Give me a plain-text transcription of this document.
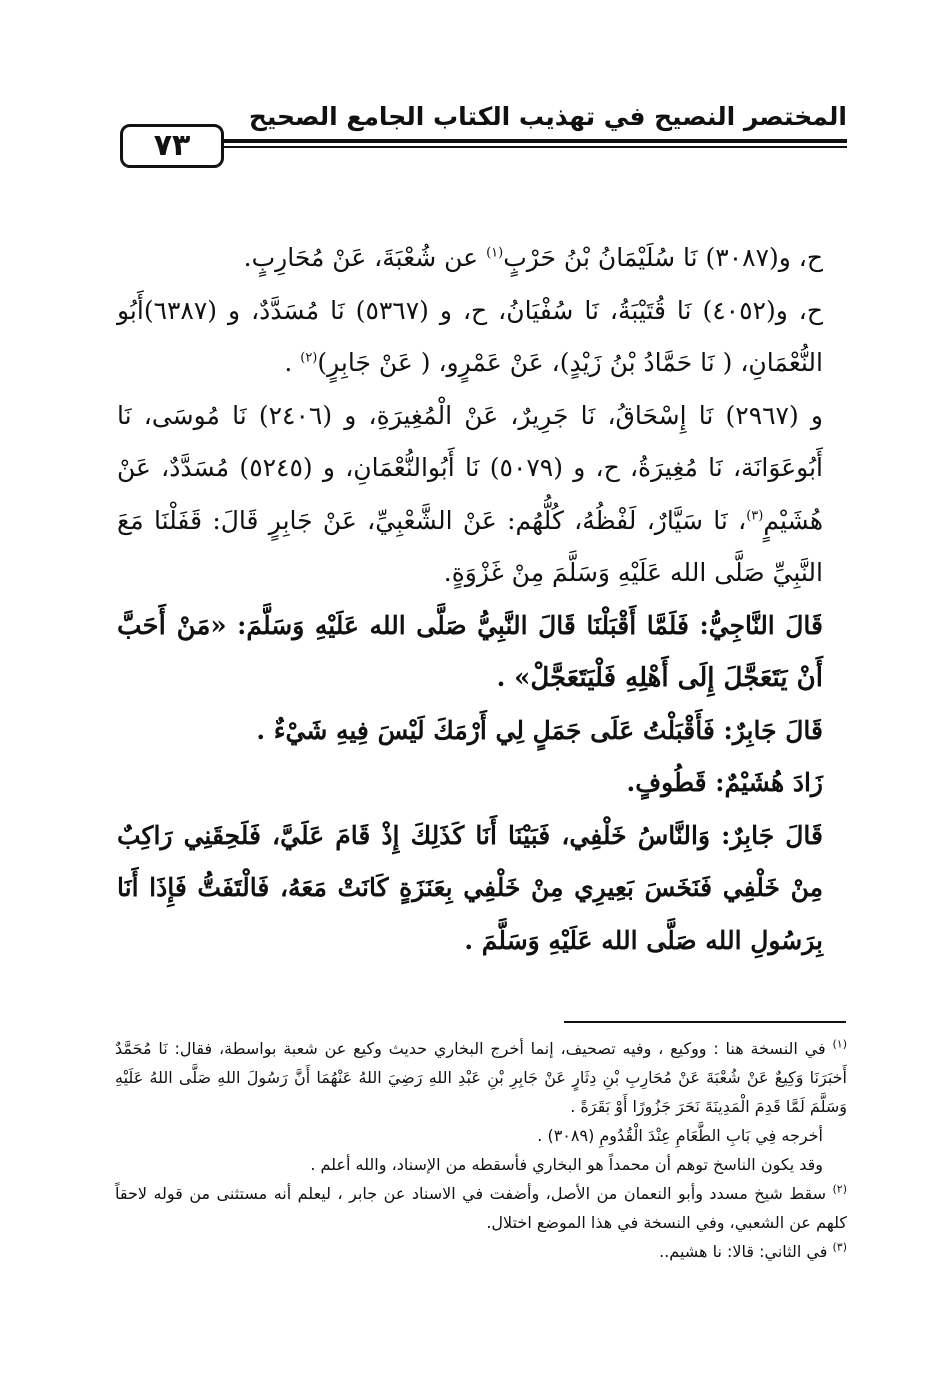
المختصر النصيح في تهذيب الكتاب الجامع الصحيح
٧٣

ح، و(٣٠٨٧) نَا سُلَيْمَانُ بْنُ حَرْبٍ$^{(١)}$ عن شُعْبَةَ، عَنْ مُحَارِبٍ.

ح، و(٤٠٥٢) نَا قُتَيْبَةُ، نَا سُفْيَانُ، ح، و (٥٣٦٧) نَا مُسَدَّدٌ، و (٦٣٨٧)أَبُو النُّعْمَانِ، ( نَا حَمَّادُ بْنُ زَيْدٍ)، عَنْ عَمْرٍو، ( عَنْ جَابِرٍ)$^{(٢)}$ .

و (٢٩٦٧) نَا إِسْحَاقُ، نَا جَرِيرٌ، عَنْ الْمُغِيرَةِ، و (٢٤٠٦) نَا مُوسَى، نَا أَبُوعَوَانَة، نَا مُغِيرَةُ، ح، و (٥٠٧٩) نَا أَبُوالنُّعْمَانِ، و (٥٢٤٥) مُسَدَّدٌ، عَنْ هُشَيْمٍ$^{(٣)}$، نَا سَيَّارٌ، لَفْظُهُ، كُلُّهُم: عَنْ الشَّعْبِيِّ، عَنْ جَابِرٍ قَالَ: قَفَلْنَا مَعَ النَّبِيِّ صَلَّى الله عَلَيْهِ وَسَلَّمَ مِنْ غَزْوَةٍ.

قَالَ النَّاجِيُّ: فَلَمَّا أَقْبَلْنَا قَالَ النَّبِيُّ صَلَّى الله عَلَيْهِ وَسَلَّمَ: «مَنْ أَحَبَّ أَنْ يَتَعَجَّلَ إِلَى أَهْلِهِ فَلْيَتَعَجَّلْ» .

قَالَ جَابِرٌ: فَأَقْبَلْتُ عَلَى جَمَلٍ لِي أَرْمَكَ لَيْسَ فِيهِ شَيْءٌ .

زَادَ هُشَيْمٌ: قَطُوفٍ.

قَالَ جَابِرٌ: وَالنَّاسُ خَلْفِي، فَبَيْنَا أَنَا كَذَلِكَ إِذْ قَامَ عَلَيَّ، فَلَحِقَنِي رَاكِبٌ مِنْ خَلْفِي فَنَخَسَ بَعِيرِي مِنْ خَلْفِي بِعَنَزَةٍ كَانَتْ مَعَهُ، فَالْتَفَتُّ فَإِذَا أَنَا بِرَسُولِ الله صَلَّى الله عَلَيْهِ وَسَلَّمَ .

$^{(١)}$ في النسخة هنا : ووكيع ، وفيه تصحيف، إنما أخرج البخاري حديث وكيع عن شعبة بواسطة، فقال: نَا مُحَمَّدٌ أَخبَرَنَا وَكِيعٌ عَنْ شُعْبَةَ عَنْ مُحَارِبِ بْنِ دِثَارٍ عَنْ جَابِرِ بْنِ عَبْدِ اللهِ رَضِيَ اللهُ عَنْهُمَا أَنَّ رَسُولَ اللهِ صَلَّى اللهُ عَلَيْهِ وَسَلَّمَ لَمَّا قَدِمَ الْمَدِينَةَ نَحَرَ جَزُورًا أَوْ بَقَرَةً .

أخرجه فِي بَابِ الطَّعَامِ عِنْدَ الْقُدُومِ (٣٠٨٩) .

وقد يكون الناسخ توهم أن محمداً هو البخاري فأسقطه من الإسناد، والله أعلم .

$^{(٢)}$ سقط شيخ مسدد وأبو النعمان من الأصل، وأضفت في الاسناد عن جابر ، ليعلم أنه مستثنى من قوله لاحقاً كلهم عن الشعبي، وفي النسخة في هذا الموضع اختلال.

$^{(٣)}$ في الثاني: قالا: نا هشيم..
